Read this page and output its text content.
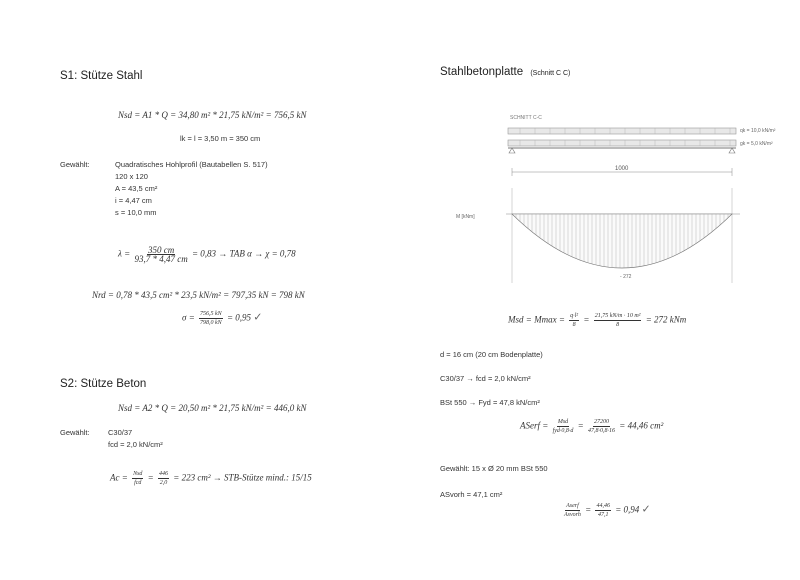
S1: Stütze Stahl
Nsd = A1 * Q = 34,80 m² * 21,75 kN/m² = 756,5 kN
lk = l = 3,50 m = 350 cm
Gewählt:	Quadratisches Hohlprofil (Bautabellen S. 517)
120 x 120
A = 43,5 cm²
i = 4,47 cm
s = 10,0 mm
$\lambda = \frac{350 cm}{93,7 * 4,47 cm} = 0,83$ → TAB α → χ = 0,78
Nrd = 0,78 * 43,5 cm² * 23,5 kN/m² = 797,35 kN = 798 kN
$\sigma = \frac{756,5 kN}{798,0 kN} = 0,95$ ✓
S2: Stütze Beton
Nsd = A2 * Q = 20,50 m² * 21,75 kN/m² = 446,0 kN
Gewählt: C30/37
fcd = 2,0 kN/cm²
$Ac = \frac{\text{Nsd}}{\text{fcd}} = \frac{446}{2,0} = 223$ cm² → STB-Stütze mind.: 15/15
Stahlbetonplatte (Schnitt C C)
SCHNITT C-C
qk = 10,0 kN/m²
gk = 5,0 kN/m²
1000
M [kNm]
- 272
Msd = $Mmax = \frac{\text{q·l²}}{8} = \frac{\text{21,75 kN/m · 10 m²}}{8} = 272$ kNm
d = 16 cm (20 cm Bodenplatte)
C30/37 → fcd = 2,0 kN/cm²
BSt 550 → Fyd = 47,8 kN/cm²
ASerf = $\frac{\text{Msd}}{\text{fyd·0,8·d}} = \frac{27200}{47,8\cdot 0,8\cdot 16} = 44,46$ cm²
Gewählt: 15 x Ø 20 mm BSt 550
ASvorh = 47,1 cm²
$\frac{\text{Aserf}}{\text{Asvorh}} = \frac{44,46}{47,1} = 0,94$ ✓
